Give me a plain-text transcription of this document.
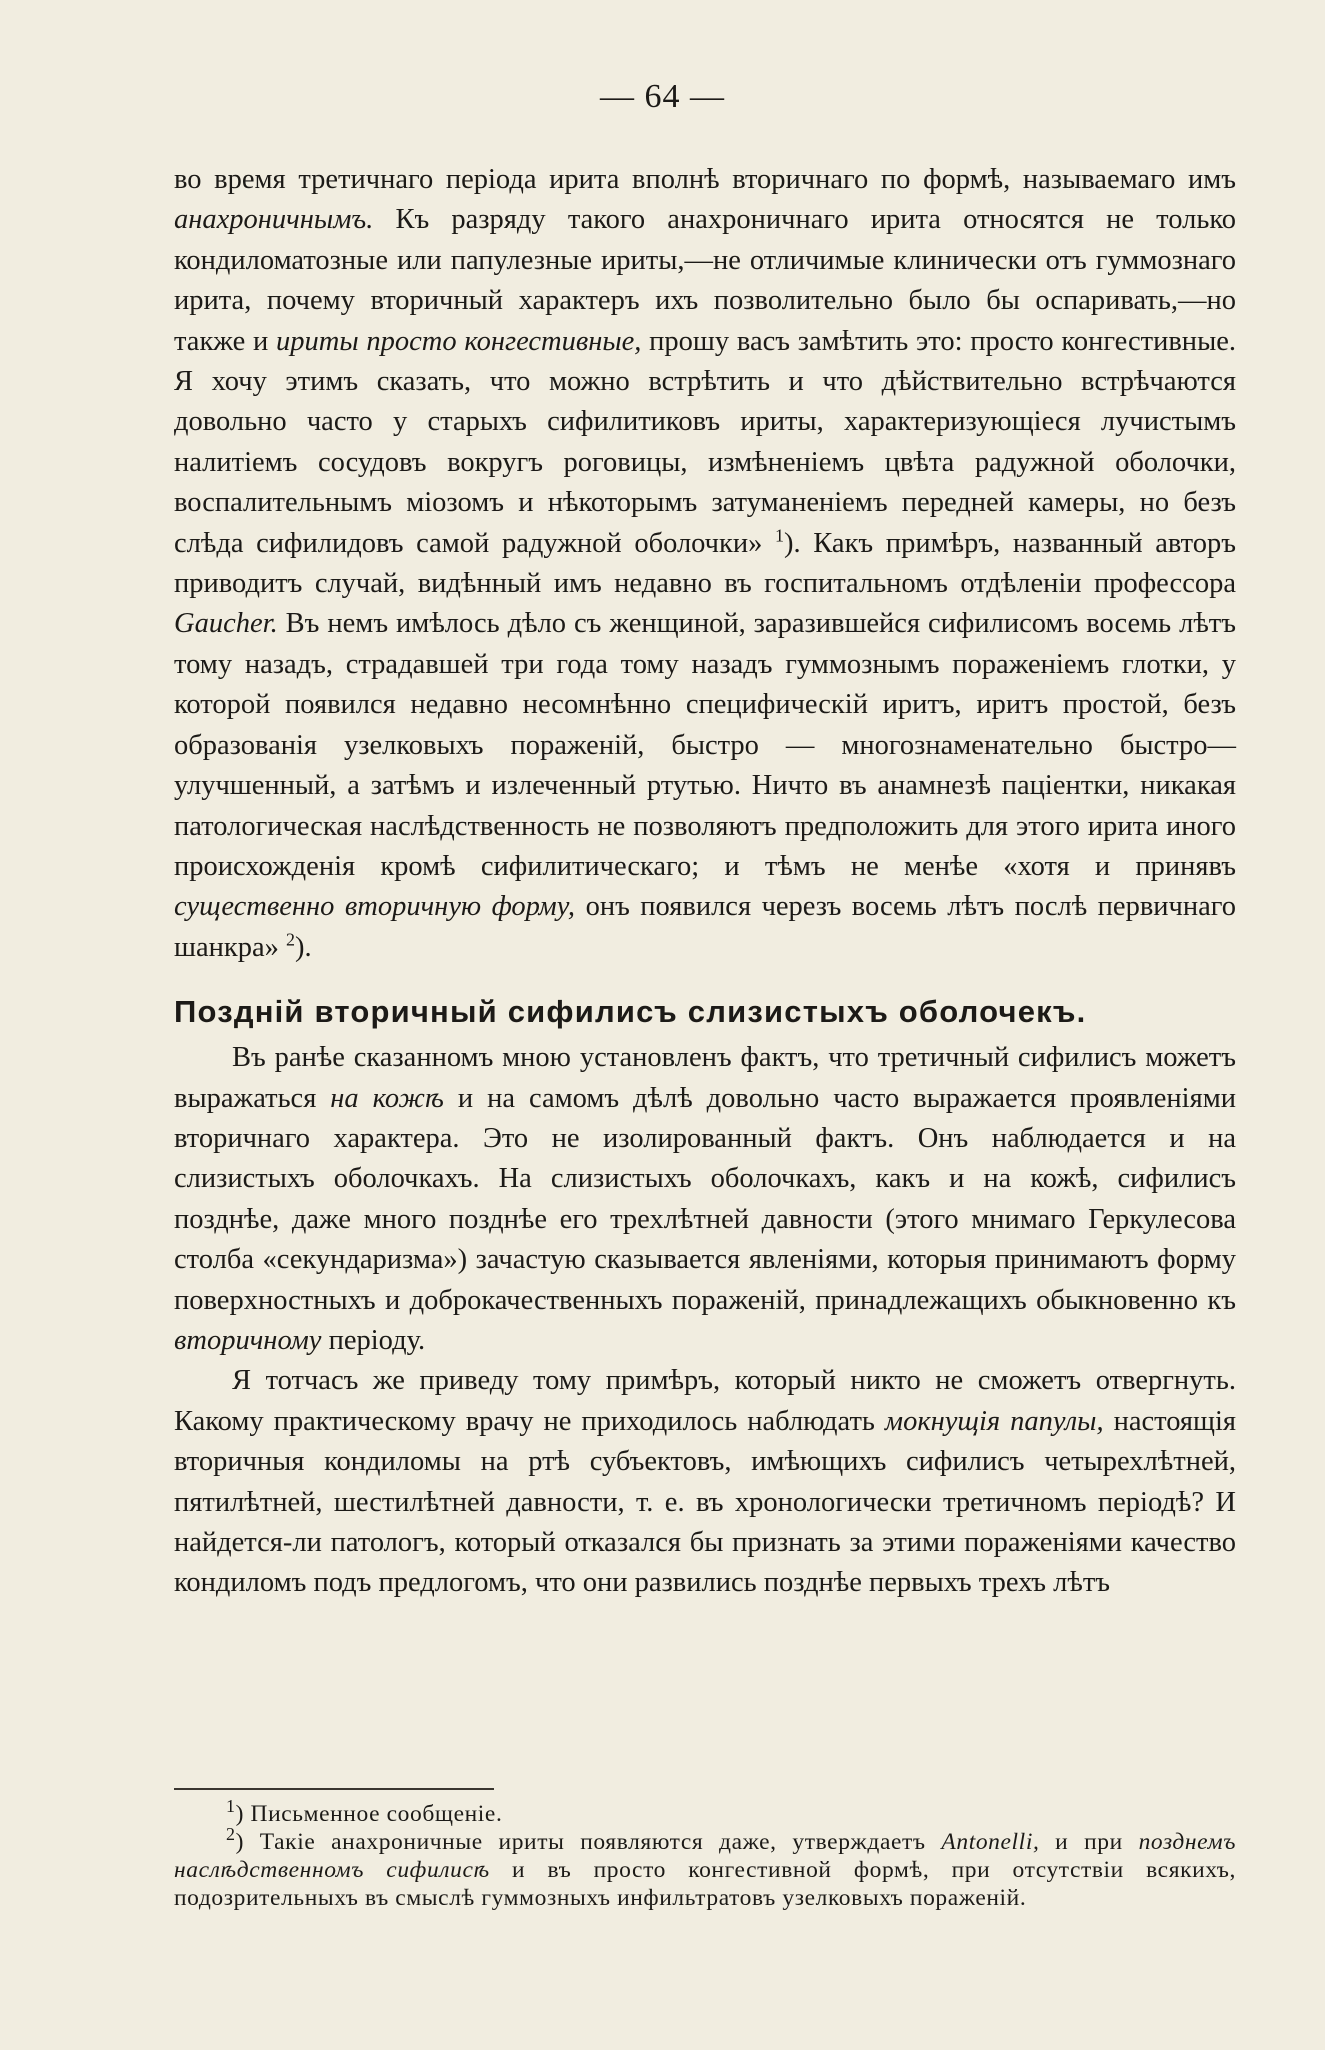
— 64 —

во время третичнаго періода ирита вполнѣ вторичнаго по формѣ, называемаго имъ анахроничнымъ. Къ разряду такого анахроничнаго ирита относятся не только кондиломатозные или папулезные ириты,—не отличимые клинически отъ гуммознаго ирита, почему вторичный характеръ ихъ позволительно было бы оспаривать,—но также и ириты просто конгестивные, прошу васъ замѣтить это: просто конгестивные. Я хочу этимъ сказать, что можно встрѣтить и что дѣйствительно встрѣчаются довольно часто у старыхъ сифилитиковъ ириты, характеризующіеся лучистымъ налитіемъ сосудовъ вокругъ роговицы, измѣненіемъ цвѣта радужной оболочки, воспалительнымъ міозомъ и нѣкоторымъ затуманеніемъ передней камеры, но безъ слѣда сифилидовъ самой радужной оболочки» $^1$). Какъ примѣръ, названный авторъ приводитъ случай, видѣнный имъ недавно въ госпитальномъ отдѣленіи профессора Gaucher. Въ немъ имѣлось дѣло съ женщиной, заразившейся сифилисомъ восемь лѣтъ тому назадъ, страдавшей три года тому назадъ гуммознымъ пораженіемъ глотки, у которой появился недавно несомнѣнно специфическій иритъ, иритъ простой, безъ образованія узелковыхъ пораженій, быстро — многознаменательно быстро—улучшенный, а затѣмъ и излеченный ртутью. Ничто въ анамнезѣ паціентки, никакая патологическая наслѣдственность не позволяютъ предположить для этого ирита иного происхожденія кромѣ сифилитическаго; и тѣмъ не менѣе «хотя и принявъ существенно вторичную форму, онъ появился черезъ восемь лѣтъ послѣ первичнаго шанкра» $^2$).

Поздній вторичный сифилисъ слизистыхъ оболочекъ.

Въ ранѣе сказанномъ мною установленъ фактъ, что третичный сифилисъ можетъ выражаться на кожѣ и на самомъ дѣлѣ довольно часто выражается проявленіями вторичнаго характера. Это не изолированный фактъ. Онъ наблюдается и на слизистыхъ оболочкахъ. На слизистыхъ оболочкахъ, какъ и на кожѣ, сифилисъ позднѣе, даже много позднѣе его трехлѣтней давности (этого мнимаго Геркулесова столба «секундаризма») зачастую сказывается явленіями, которыя принимаютъ форму поверхностныхъ и доброкачественныхъ пораженій, принадлежащихъ обыкновенно къ вторичному періоду.

Я тотчасъ же приведу тому примѣръ, который никто не сможетъ отвергнуть. Какому практическому врачу не приходилось наблюдать мокнущія папулы, настоящія вторичныя кондиломы на ртѣ субъектовъ, имѣющихъ сифилисъ четырехлѣтней, пятилѣтней, шестилѣтней давности, т. е. въ хронологически третичномъ періодѣ? И найдется-ли патологъ, который отказался бы признать за этими пораженіями качество кондиломъ подъ предлогомъ, что они развились позднѣе первыхъ трехъ лѣтъ

$^1$) Письменное сообщеніе.

$^2$) Такіе анахроничные ириты появляются даже, утверждаетъ Antonelli, и при позднемъ наслѣдственномъ сифилисѣ и въ просто конгестивной формѣ, при отсутствіи всякихъ, подозрительныхъ въ смыслѣ гуммозныхъ инфильтратовъ узелковыхъ пораженій.
